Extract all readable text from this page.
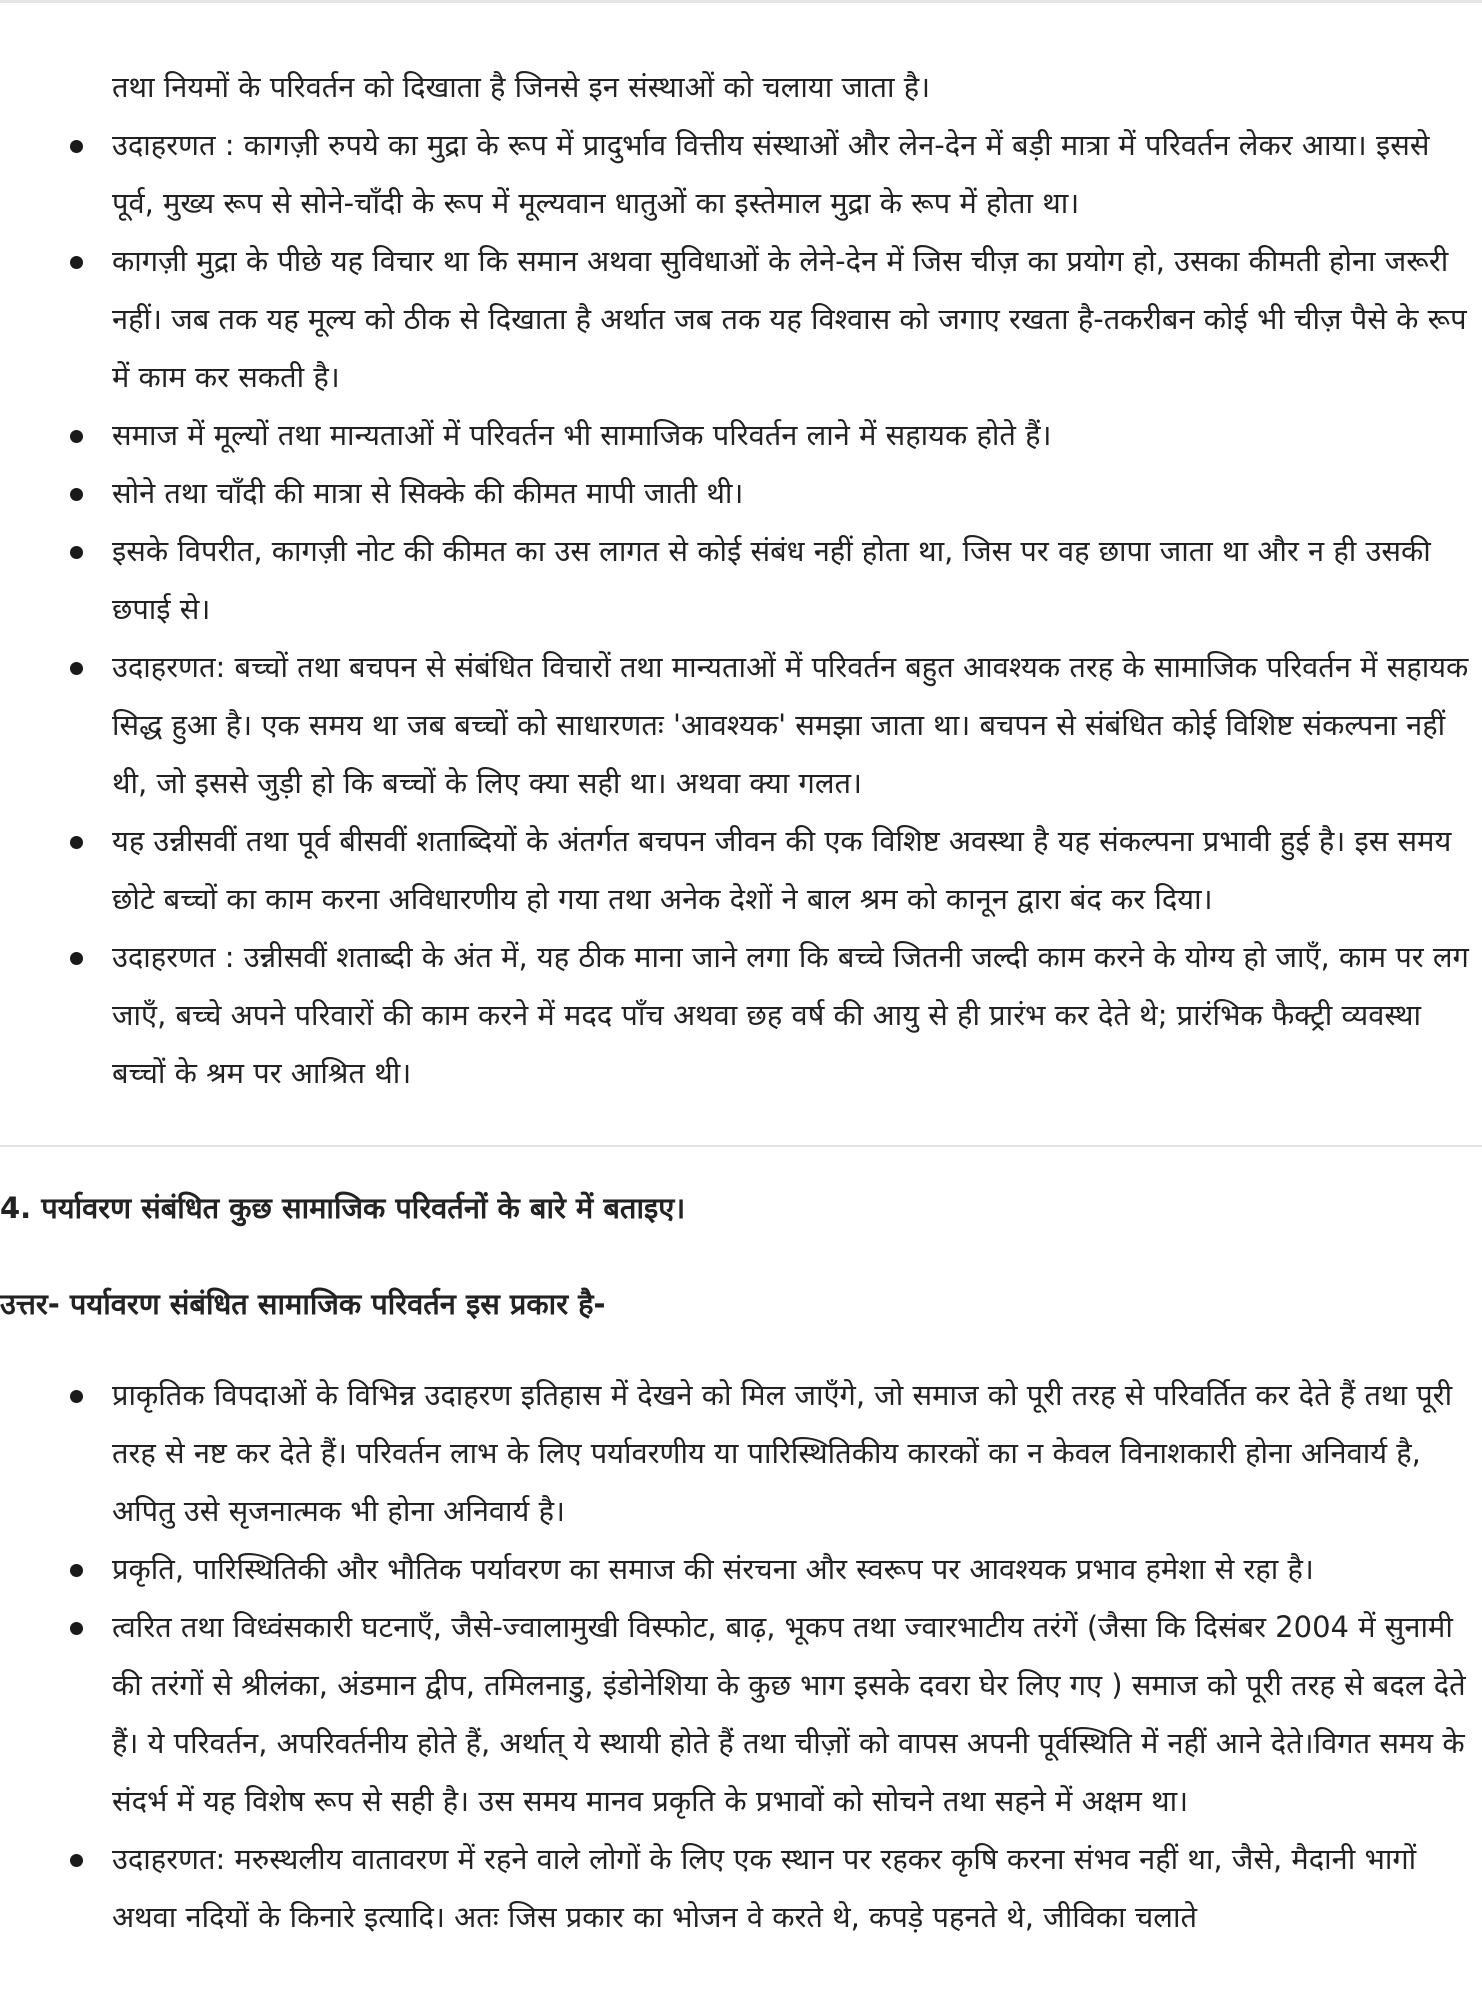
तथा नियमों के परिवर्तन को दिखाता है जिनसे इन संस्थाओं को चलाया जाता है।

उदाहरणत : कागज़ी रुपये का मुद्रा के रूप में प्रादुर्भाव वित्तीय संस्थाओं और लेन-देन में बड़ी मात्रा में परिवर्तन लेकर आया। इससे पूर्व, मुख्य रूप से सोने-चाँदी के रूप में मूल्यवान धातुओं का इस्तेमाल मुद्रा के रूप में होता था।
कागज़ी मुद्रा के पीछे यह विचार था कि समान अथवा सुविधाओं के लेने-देन में जिस चीज़ का प्रयोग हो, उसका कीमती होना जरूरी नहीं। जब तक यह मूल्य को ठीक से दिखाता है अर्थात जब तक यह विश्वास को जगाए रखता है-तकरीबन कोई भी चीज़ पैसे के रूप में काम कर सकती है।
समाज में मूल्यों तथा मान्यताओं में परिवर्तन भी सामाजिक परिवर्तन लाने में सहायक होते हैं।
सोने तथा चाँदी की मात्रा से सिक्के की कीमत मापी जाती थी।
इसके विपरीत, कागज़ी नोट की कीमत का उस लागत से कोई संबंध नहीं होता था, जिस पर वह छापा जाता था और न ही उसकी छपाई से।
उदाहरणत: बच्चों तथा बचपन से संबंधित विचारों तथा मान्यताओं में परिवर्तन बहुत आवश्यक तरह के सामाजिक परिवर्तन में सहायक सिद्ध हुआ है। एक समय था जब बच्चों को साधारणतः 'आवश्यक' समझा जाता था। बचपन से संबंधित कोई विशिष्ट संकल्पना नहीं थी, जो इससे जुड़ी हो कि बच्चों के लिए क्या सही था। अथवा क्या गलत।
यह उन्नीसवीं तथा पूर्व बीसवीं शताब्दियों के अंतर्गत बचपन जीवन की एक विशिष्ट अवस्था है यह संकल्पना प्रभावी हुई है। इस समय छोटे बच्चों का काम करना अविधारणीय हो गया तथा अनेक देशों ने बाल श्रम को कानून द्वारा बंद कर दिया।
उदाहरणत : उन्नीसवीं शताब्दी के अंत में, यह ठीक माना जाने लगा कि बच्चे जितनी जल्दी काम करने के योग्य हो जाएँ, काम पर लग जाएँ, बच्चे अपने परिवारों की काम करने में मदद पाँच अथवा छह वर्ष की आयु से ही प्रारंभ कर देते थे; प्रारंभिक फैक्ट्री व्यवस्था बच्चों के श्रम पर आश्रित थी।

4. पर्यावरण संबंधित कुछ सामाजिक परिवर्तनों के बारे में बताइए।

उत्तर- पर्यावरण संबंधित सामाजिक परिवर्तन इस प्रकार है-

प्राकृतिक विपदाओं के विभिन्न उदाहरण इतिहास में देखने को मिल जाएँगे, जो समाज को पूरी तरह से परिवर्तित कर देते हैं तथा पूरी तरह से नष्ट कर देते हैं। परिवर्तन लाभ के लिए पर्यावरणीय या पारिस्थितिकीय कारकों का न केवल विनाशकारी होना अनिवार्य है, अपितु उसे सृजनात्मक भी होना अनिवार्य है।
प्रकृति, पारिस्थितिकी और भौतिक पर्यावरण का समाज की संरचना और स्वरूप पर आवश्यक प्रभाव हमेशा से रहा है।
त्वरित तथा विध्वंसकारी घटनाएँ, जैसे-ज्वालामुखी विस्फोट, बाढ़, भूकप तथा ज्वारभाटीय तरंगें (जैसा कि दिसंबर 2004 में सुनामी की तरंगों से श्रीलंका, अंडमान द्वीप, तमिलनाडु, इंडोनेशिया के कुछ भाग इसके दवरा घेर लिए गए ) समाज को पूरी तरह से बदल देते हैं। ये परिवर्तन, अपरिवर्तनीय होते हैं, अर्थात् ये स्थायी होते हैं तथा चीज़ों को वापस अपनी पूर्वस्थिति में नहीं आने देते।विगत समय के संदर्भ में यह विशेष रूप से सही है। उस समय मानव प्रकृति के प्रभावों को सोचने तथा सहने में अक्षम था।
उदाहरणत: मरुस्थलीय वातावरण में रहने वाले लोगों के लिए एक स्थान पर रहकर कृषि करना संभव नहीं था, जैसे, मैदानी भागों अथवा नदियों के किनारे इत्यादि। अतः जिस प्रकार का भोजन वे करते थे, कपड़े पहनते थे, जीविका चलाते
